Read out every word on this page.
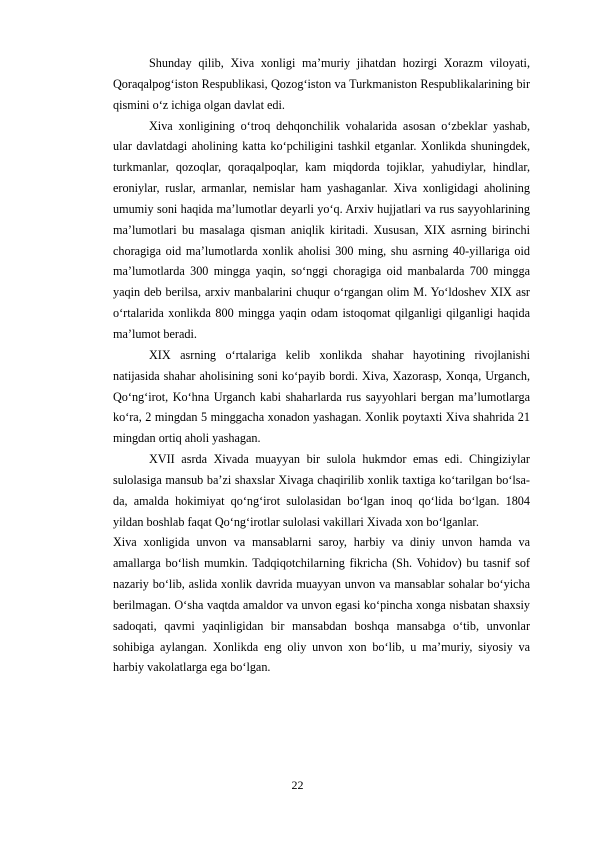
Shunday qilib, Xiva xonligi ma’muriy jihatdan hozirgi Xorazm viloyati, Qoraqalpog‘iston Respublikasi, Qozog‘iston va Turkmaniston Respublikalarining bir qismini o‘z ichiga olgan davlat edi.

Xiva xonligining o‘troq dehqonchilik vohalarida asosan o‘zbeklar yashab, ular davlatdagi aholining katta ko‘pchiligini tashkil etganlar. Xonlikda shuningdek, turkmanlar, qozoqlar, qoraqalpoqlar, kam miqdorda tojiklar, yahudiylar, hindlar, eroniylar, ruslar, armanlar, nemislar ham yashaganlar. Xiva xonligidagi aholining umumiy soni haqida ma’lumotlar deyarli yo‘q. Arxiv hujjatlari va rus sayyohlarining ma’lumotlari bu masalaga qisman aniqlik kiritadi. Xususan, XIX asrning birinchi choragiga oid ma’lumotlarda xonlik aholisi 300 ming, shu asrning 40-yillariga oid ma’lumotlarda 300 mingga yaqin, so‘nggi choragiga oid manbalarda 700 mingga yaqin deb berilsa, arxiv manbalarini chuqur o‘rgangan olim M. Yo‘ldoshev XIX asr o‘rtalarida xonlikda 800 mingga yaqin odam istoqomat qilganligi qilganligi haqida ma’lumot beradi.

XIX asrning o‘rtalariga kelib xonlikda shahar hayotining rivojlanishi natijasida shahar aholisining soni ko‘payib bordi. Xiva, Xazorasp, Xonqa, Urganch, Qo‘ng‘irot, Ko‘hna Urganch kabi shaharlarda rus sayyohlari bergan ma’lumotlarga ko‘ra, 2 mingdan 5 minggacha xonadon yashagan. Xonlik poytaxti Xiva shahrida 21 mingdan ortiq aholi yashagan.

XVII asrda Xivada muayyan bir sulola hukmdor emas edi. Chingiziylar sulolasiga mansub ba’zi shaxslar Xivaga chaqirilib xonlik taxtiga ko‘tarilgan bo‘lsa-da, amalda hokimiyat qo‘ng‘irot sulolasidan bo‘lgan inoq qo‘lida bo‘lgan. 1804 yildan boshlab faqat Qo‘ng‘irotlar sulolasi vakillari Xivada xon bo‘lganlar.

Xiva xonligida unvon va mansablarni saroy, harbiy va diniy unvon hamda va amallarga bo‘lish mumkin. Tadqiqotchilarning fikricha (Sh. Vohidov) bu tasnif sof nazariy bo‘lib, aslida xonlik davrida muayyan unvon va mansablar sohalar bo‘yicha berilmagan. O‘sha vaqtda amaldor va unvon egasi ko‘pincha xonga nisbatan shaxsiy sadoqati, qavmi yaqinligidan bir mansabdan boshqa mansabga o‘tib, unvonlar sohibiga aylangan. Xonlikda eng oliy unvon xon bo‘lib, u ma’muriy, siyosiy va harbiy vakolatlarga ega bo‘lgan.

22
